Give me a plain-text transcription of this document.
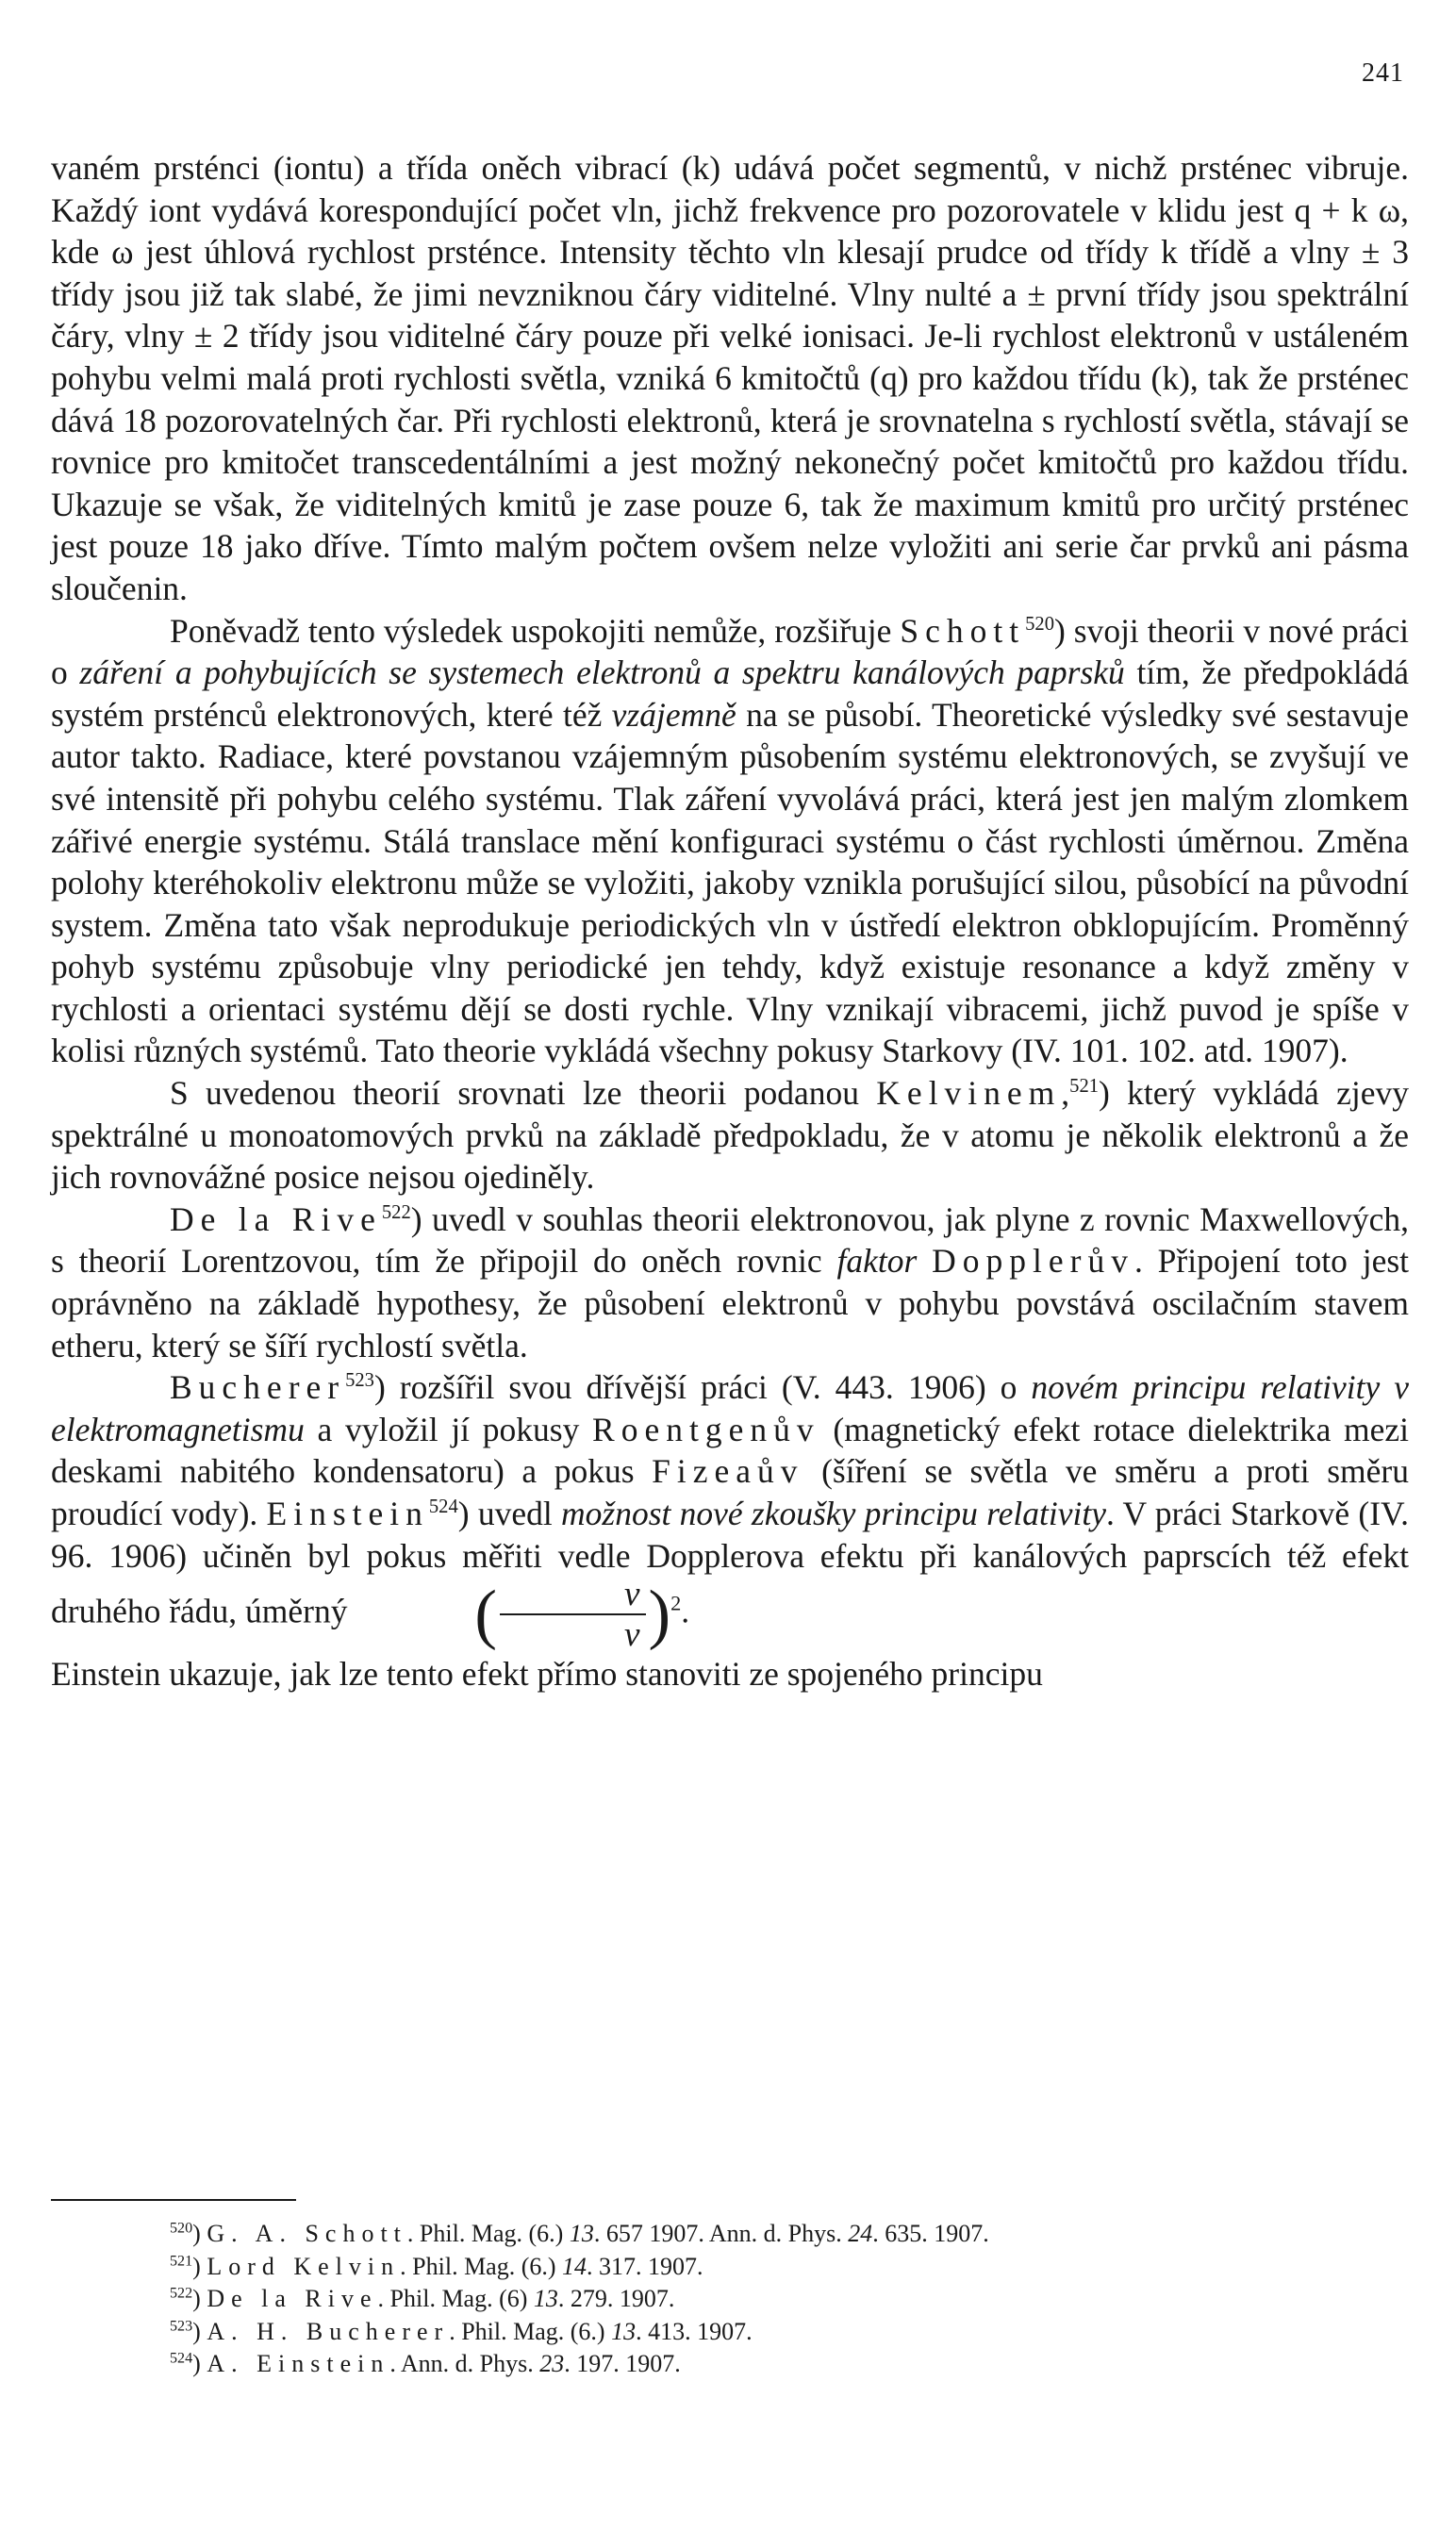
241

vaném prsténci (iontu) a třída oněch vibrací (k) udává počet segmentů, v nichž prsténec vibruje. Každý iont vydává korespondující počet vln, jichž frekvence pro pozorovatele v klidu jest q + k ω, kde ω jest úhlová rychlost prsténce. Intensity těchto vln klesají prudce od třídy k třídě a vlny ± 3 třídy jsou již tak slabé, že jimi nevzniknou čáry viditelné. Vlny nulté a ± první třídy jsou spektrální čáry, vlny ± 2 třídy jsou viditelné čáry pouze při velké ionisaci. Je-li rychlost elektronů v ustáleném pohybu velmi malá proti rychlosti světla, vzniká 6 kmitočtů (q) pro každou třídu (k), tak že prsténec dává 18 pozorovatelných čar. Při rychlosti elektronů, která je srovnatelna s rychlostí světla, stávají se rovnice pro kmitočet transcedentálními a jest možný nekonečný počet kmitočtů pro každou třídu. Ukazuje se však, že viditelných kmitů je zase pouze 6, tak že maximum kmitů pro určitý prsténec jest pouze 18 jako dříve. Tímto malým počtem ovšem nelze vyložiti ani serie čar prvků ani pásma sloučenin.

Poněvadž tento výsledek uspokojiti nemůže, rozšiřuje Schott$^{520}$) svoji theorii v nové práci o záření a pohybujících se systemech elektronů a spektru kanálových paprsků tím, že předpokládá systém prsténců elektronových, které též vzájemně na se působí. Theoretické výsledky své sestavuje autor takto. Radiace, které povstanou vzájemným působením systému elektronových, se zvyšují ve své intensitě při pohybu celého systému. Tlak záření vyvolává práci, která jest jen malým zlomkem zářivé energie systému. Stálá translace mění konfiguraci systému o část rychlosti úměrnou. Změna polohy kteréhokoliv elektronu může se vyložiti, jakoby vznikla porušující silou, působící na původní system. Změna tato však neprodukuje periodických vln v ústředí elektron obklopujícím. Proměnný pohyb systému způsobuje vlny periodické jen tehdy, když existuje resonance a když změny v rychlosti a orientaci systému dějí se dosti rychle. Vlny vznikají vibracemi, jichž puvod je spíše v kolisi různých systémů. Tato theorie vykládá všechny pokusy Starkovy (IV. 101. 102. atd. 1907).

S uvedenou theorií srovnati lze theorii podanou Kelvinem,$^{521}$) který vykládá zjevy spektrálné u monoatomových prvků na základě předpokladu, že v atomu je několik elektronů a že jich rovnovážné posice nejsou ojediněly.

De la Rive$^{522}$) uvedl v souhlas theorii elektronovou, jak plyne z rovnic Maxwellových, s theorií Lorentzovou, tím že připojil do oněch rovnic faktor Dopplerův. Připojení toto jest oprávněno na základě hypothesy, že působení elektronů v pohybu povstává oscilačním stavem etheru, který se šíří rychlostí světla.

Bucherer$^{523}$) rozšířil svou dřívější práci (V. 443. 1906) o novém principu relativity v elektromagnetismu a vyložil jí pokusy Roentgenův (magnetický efekt rotace dielektrika mezi deskami nabitého kondensatoru) a pokus Fizeaův (šíření se světla ve směru a proti směru proudící vody). Einstein$^{524}$) uvedl možnost nové zkoušky principu relativity. V práci Starkově (IV. 96. 1906) učiněn byl pokus měřiti vedle Dopplerova efektu při kanálových paprscích též efekt druhého řádu, úměrný ( $\frac{v}{\nu} )^2$.
Einstein ukazuje, jak lze tento efekt přímo stanoviti ze spojeného principu

$^{520}$) G. A. Schott. Phil. Mag. (6.) 13. 657 1907. Ann. d. Phys. 24. 635. 1907.

$^{521}$) Lord Kelvin. Phil. Mag. (6.) 14. 317. 1907.

$^{522}$) De la Rive. Phil. Mag. (6) 13. 279. 1907.

$^{523}$) A. H. Bucherer. Phil. Mag. (6.) 13. 413. 1907.

$^{524}$) A. Einstein. Ann. d. Phys. 23. 197. 1907.
